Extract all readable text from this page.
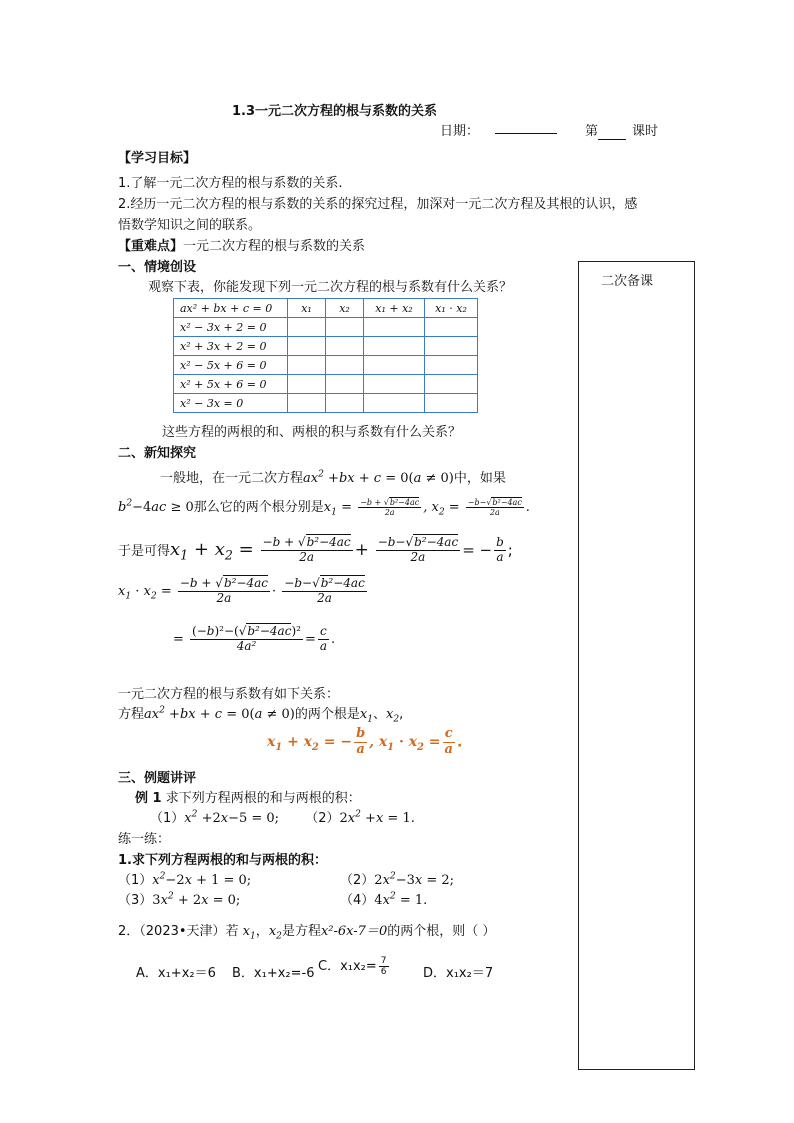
1.3一元二次方程的根与系数的关系
日期：	第	课时
【学习目标】
1.了解一元二次方程的根与系数的关系.
2.经历一元二次方程的根与系数的关系的探究过程，加深对一元二次方程及其根的认识，感
悟数学知识之间的联系。
【重难点】一元二次方程的根与系数的关系
二次备课
一、情境创设
观察下表，你能发现下列一元二次方程的根与系数有什么关系？
ax² + bx + c = 0	x₁	x₂	x₁ + x₂	x₁ · x₂
x² − 3x + 2 = 0				
x² + 3x + 2 = 0				
x² − 5x + 6 = 0				
x² + 5x + 6 = 0				
x² − 3x = 0				
这些方程的两根的和、两根的积与系数有什么关系？
二、新知探究
一般地，在一元二次方程$ax^2 +bx + c = 0(a \ne 0)$中，如果
$b^2-4ac \ge 0$那么它的两个根分别是$x_1 = \frac{\text{−b + √b²−4ac}}{2a}$ , $x_2 = \frac{\text{−b−√b²−4ac}}{2a}$ .
于是可得$x_1 + x_2 = \frac{\text{−b + √b²−4ac}}{2a} + \frac{\text{−b−√b²−4ac}}{2a}$ = − $\frac{b}{a}$ ;
$x_1 \cdot x_2 = \frac{\text{−b + √b²−4ac}}{2a} \cdot \frac{\text{−b−√b²−4ac}}{2a}$
= $\frac{\text{(−b)²−(√b²−4ac)²}}{\text{4a²}} = \frac{c}{a}$ .
一元二次方程的根与系数有如下关系：
方程$ax^2 +bx + c = 0(a \ne 0)$的两个根是$x_1$、$x_2$,
$x_1 + x_2$ = − $\frac{b}{a}$ , $x_1 \cdot x_2 = \frac{c}{a}$ .
三、例题讲评
例 1 求下列方程两根的和与两根的积：
$(1)x^2 +2x-5 = 0$; $(2)2x^2 +x = 1$.
练一练：
1.求下列方程两根的和与两根的积：
$(1)x^2-2x + 1 = 0$;	$(2)2x^2-3x = 2$;
$(3)3x^2 + 2x = 0$;	$(4)4x^2 = 1$.
2．（2023•天津）若 $x_1$，$x_2$是方程x²-6x-7＝0的两个根，则（ ）
A．x₁+x₂＝6 B．x₁+x₂=-6 C．$x_1x_2= \frac{7}{6}$	D．x₁x₂＝7
